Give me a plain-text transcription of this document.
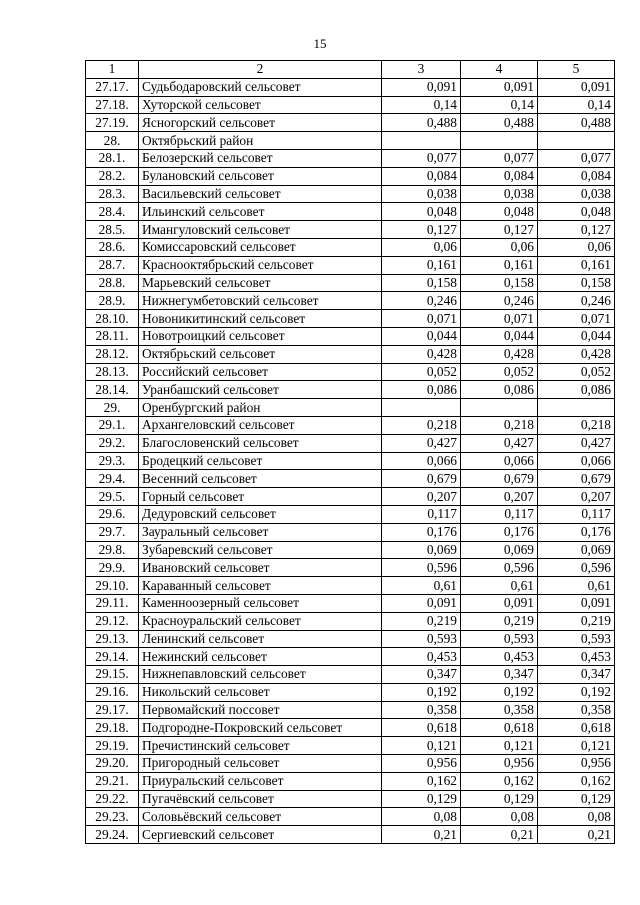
15
1	2	3	4	5
27.17.	Судьбодаровский сельсовет	0,091	0,091	0,091
27.18.	Хуторской сельсовет	0,14	0,14	0,14
27.19.	Ясногорский сельсовет	0,488	0,488	0,488
28.	Октябрьский район			
28.1.	Белозерский сельсовет	0,077	0,077	0,077
28.2.	Булановский сельсовет	0,084	0,084	0,084
28.3.	Васильевский сельсовет	0,038	0,038	0,038
28.4.	Ильинский сельсовет	0,048	0,048	0,048
28.5.	Имангуловский сельсовет	0,127	0,127	0,127
28.6.	Комиссаровский сельсовет	0,06	0,06	0,06
28.7.	Краснооктябрьский сельсовет	0,161	0,161	0,161
28.8.	Марьевский сельсовет	0,158	0,158	0,158
28.9.	Нижнегумбетовский сельсовет	0,246	0,246	0,246
28.10.	Новоникитинский сельсовет	0,071	0,071	0,071
28.11.	Новотроицкий сельсовет	0,044	0,044	0,044
28.12.	Октябрьский сельсовет	0,428	0,428	0,428
28.13.	Российский сельсовет	0,052	0,052	0,052
28.14.	Уранбашский сельсовет	0,086	0,086	0,086
29.	Оренбургский район			
29.1.	Архангеловский сельсовет	0,218	0,218	0,218
29.2.	Благословенский сельсовет	0,427	0,427	0,427
29.3.	Бродецкий сельсовет	0,066	0,066	0,066
29.4.	Весенний сельсовет	0,679	0,679	0,679
29.5.	Горный сельсовет	0,207	0,207	0,207
29.6.	Дедуровский сельсовет	0,117	0,117	0,117
29.7.	Зауральный сельсовет	0,176	0,176	0,176
29.8.	Зубаревский сельсовет	0,069	0,069	0,069
29.9.	Ивановский сельсовет	0,596	0,596	0,596
29.10.	Караванный сельсовет	0,61	0,61	0,61
29.11.	Каменноозерный сельсовет	0,091	0,091	0,091
29.12.	Красноуральский сельсовет	0,219	0,219	0,219
29.13.	Ленинский сельсовет	0,593	0,593	0,593
29.14.	Нежинский сельсовет	0,453	0,453	0,453
29.15.	Нижнепавловский сельсовет	0,347	0,347	0,347
29.16.	Никольский сельсовет	0,192	0,192	0,192
29.17.	Первомайский поссовет	0,358	0,358	0,358
29.18.	Подгородне-Покровский сельсовет	0,618	0,618	0,618
29.19.	Пречистинский сельсовет	0,121	0,121	0,121
29.20.	Пригородный сельсовет	0,956	0,956	0,956
29.21.	Приуральский сельсовет	0,162	0,162	0,162
29.22.	Пугачёвский сельсовет	0,129	0,129	0,129
29.23.	Соловьёвский сельсовет	0,08	0,08	0,08
29.24.	Сергиевский сельсовет	0,21	0,21	0,21
